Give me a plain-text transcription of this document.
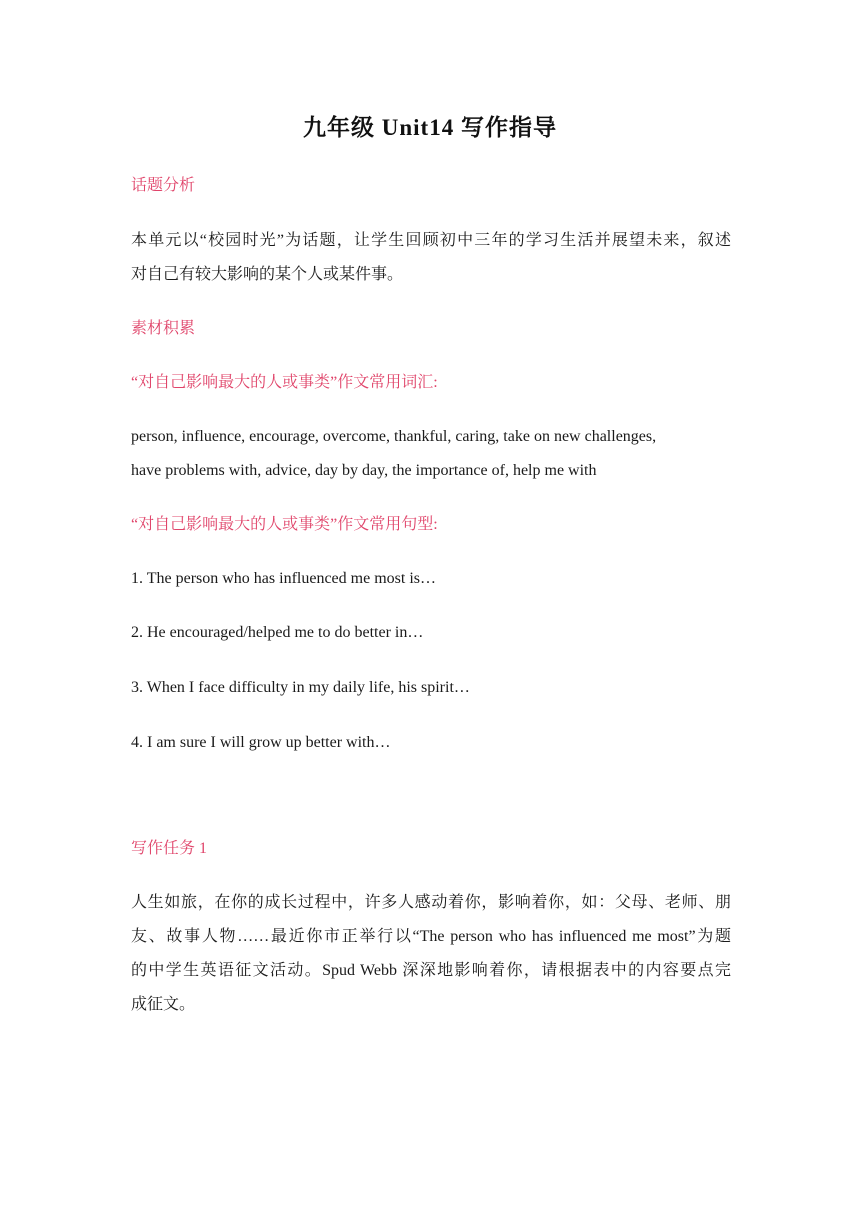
九年级 Unit14 写作指导
话题分析
本单元以“校园时光”为话题，让学生回顾初中三年的学习生活并展望未来，叙述
对自己有较大影响的某个人或某件事。
素材积累
“对自己影响最大的人或事类”作文常用词汇:
person, influence, encourage, overcome, thankful, caring, take on new challenges,
have problems with, advice, day by day, the importance of, help me with
“对自己影响最大的人或事类”作文常用句型:
1. The person who has influenced me most is…
2. He encouraged/helped me to do better in…
3. When I face difficulty in my daily life, his spirit…
4. I am sure I will grow up better with…
写作任务 1
人生如旅，在你的成长过程中，许多人感动着你，影响着你，如：父母、老师、朋
友、故事人物……最近你市正举行以“The person who has influenced me most”为题
的中学生英语征文活动。Spud Webb 深深地影响着你，请根据表中的内容要点完
成征文。
